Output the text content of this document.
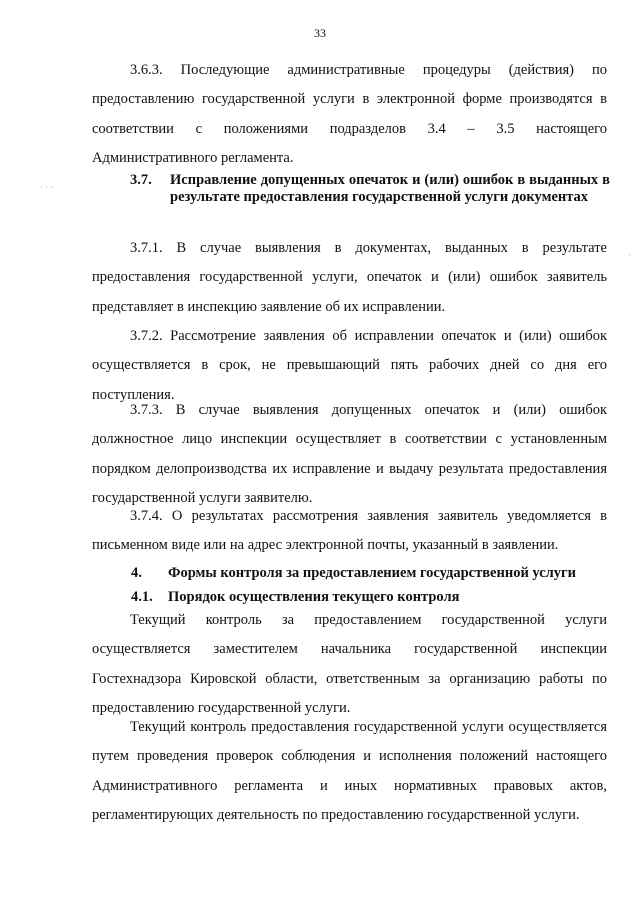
33

3.6.3. Последующие административные процедуры (действия) по предоставлению государственной услуги в электронной форме производятся в соответствии с положениями подразделов 3.4 – 3.5 настоящего Административного регламента.

3.7. Исправление допущенных опечаток и (или) ошибок в выданных в результате предоставления государственной услуги документах

3.7.1. В случае выявления в документах, выданных в результате предоставления государственной услуги, опечаток и (или) ошибок заявитель представляет в инспекцию заявление об их исправлении.

3.7.2. Рассмотрение заявления об исправлении опечаток и (или) ошибок осуществляется в срок, не превышающий пять рабочих дней со дня его поступления.

3.7.3. В случае выявления допущенных опечаток и (или) ошибок должностное лицо инспекции осуществляет в соответствии с установленным порядком делопроизводства их исправление и выдачу результата предоставления государственной услуги заявителю.

3.7.4. О результатах рассмотрения заявления заявитель уведомляется в письменном виде или на адрес электронной почты, указанный в заявлении.

4. Формы контроля за предоставлением государственной услуги
4.1. Порядок осуществления текущего контроля

Текущий контроль за предоставлением государственной услуги осуществляется заместителем начальника государственной инспекции Гостехнадзора Кировской области, ответственным за организацию работы по предоставлению государственной услуги.

Текущий контроль предоставления государственной услуги осуществляется путем проведения проверок соблюдения и исполнения положений настоящего Административного регламента и иных нормативных правовых актов, регламентирующих деятельность по предоставлению государственной услуги.

· · ·
·
